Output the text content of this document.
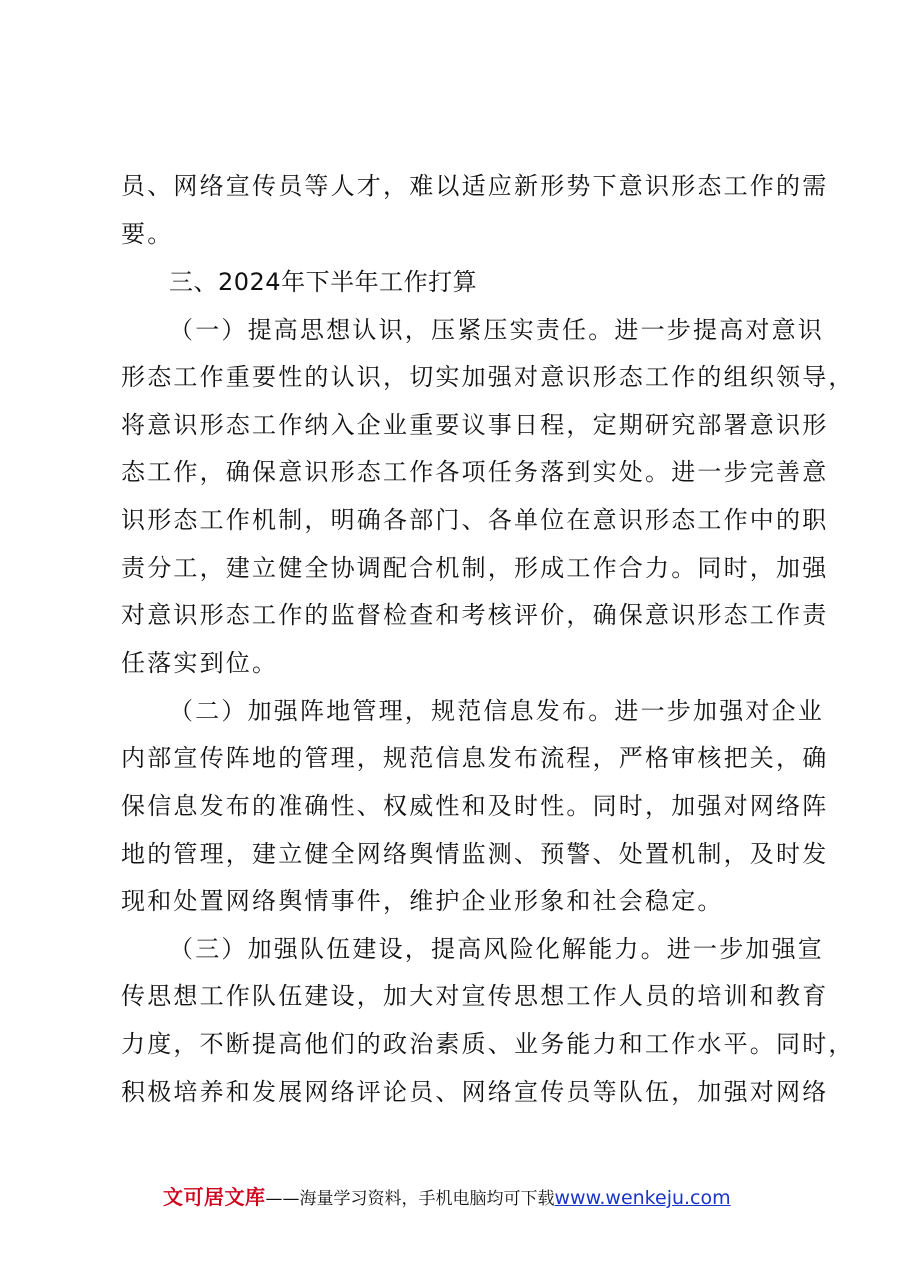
员、网络宣传员等人才，难以适应新形势下意识形态工作的需
要。
三、2024年下半年工作打算
（一）提高思想认识，压紧压实责任。进一步提高对意识
形态工作重要性的认识，切实加强对意识形态工作的组织领导，
将意识形态工作纳入企业重要议事日程，定期研究部署意识形
态工作，确保意识形态工作各项任务落到实处。进一步完善意
识形态工作机制，明确各部门、各单位在意识形态工作中的职
责分工，建立健全协调配合机制，形成工作合力。同时，加强
对意识形态工作的监督检查和考核评价，确保意识形态工作责
任落实到位。
（二）加强阵地管理，规范信息发布。进一步加强对企业
内部宣传阵地的管理，规范信息发布流程，严格审核把关，确
保信息发布的准确性、权威性和及时性。同时，加强对网络阵
地的管理，建立健全网络舆情监测、预警、处置机制，及时发
现和处置网络舆情事件，维护企业形象和社会稳定。
（三）加强队伍建设，提高风险化解能力。进一步加强宣
传思想工作队伍建设，加大对宣传思想工作人员的培训和教育
力度，不断提高他们的政治素质、业务能力和工作水平。同时，
积极培养和发展网络评论员、网络宣传员等队伍，加强对网络
文可居文库——海量学习资料，手机电脑均可下载www.wenkeju.com
